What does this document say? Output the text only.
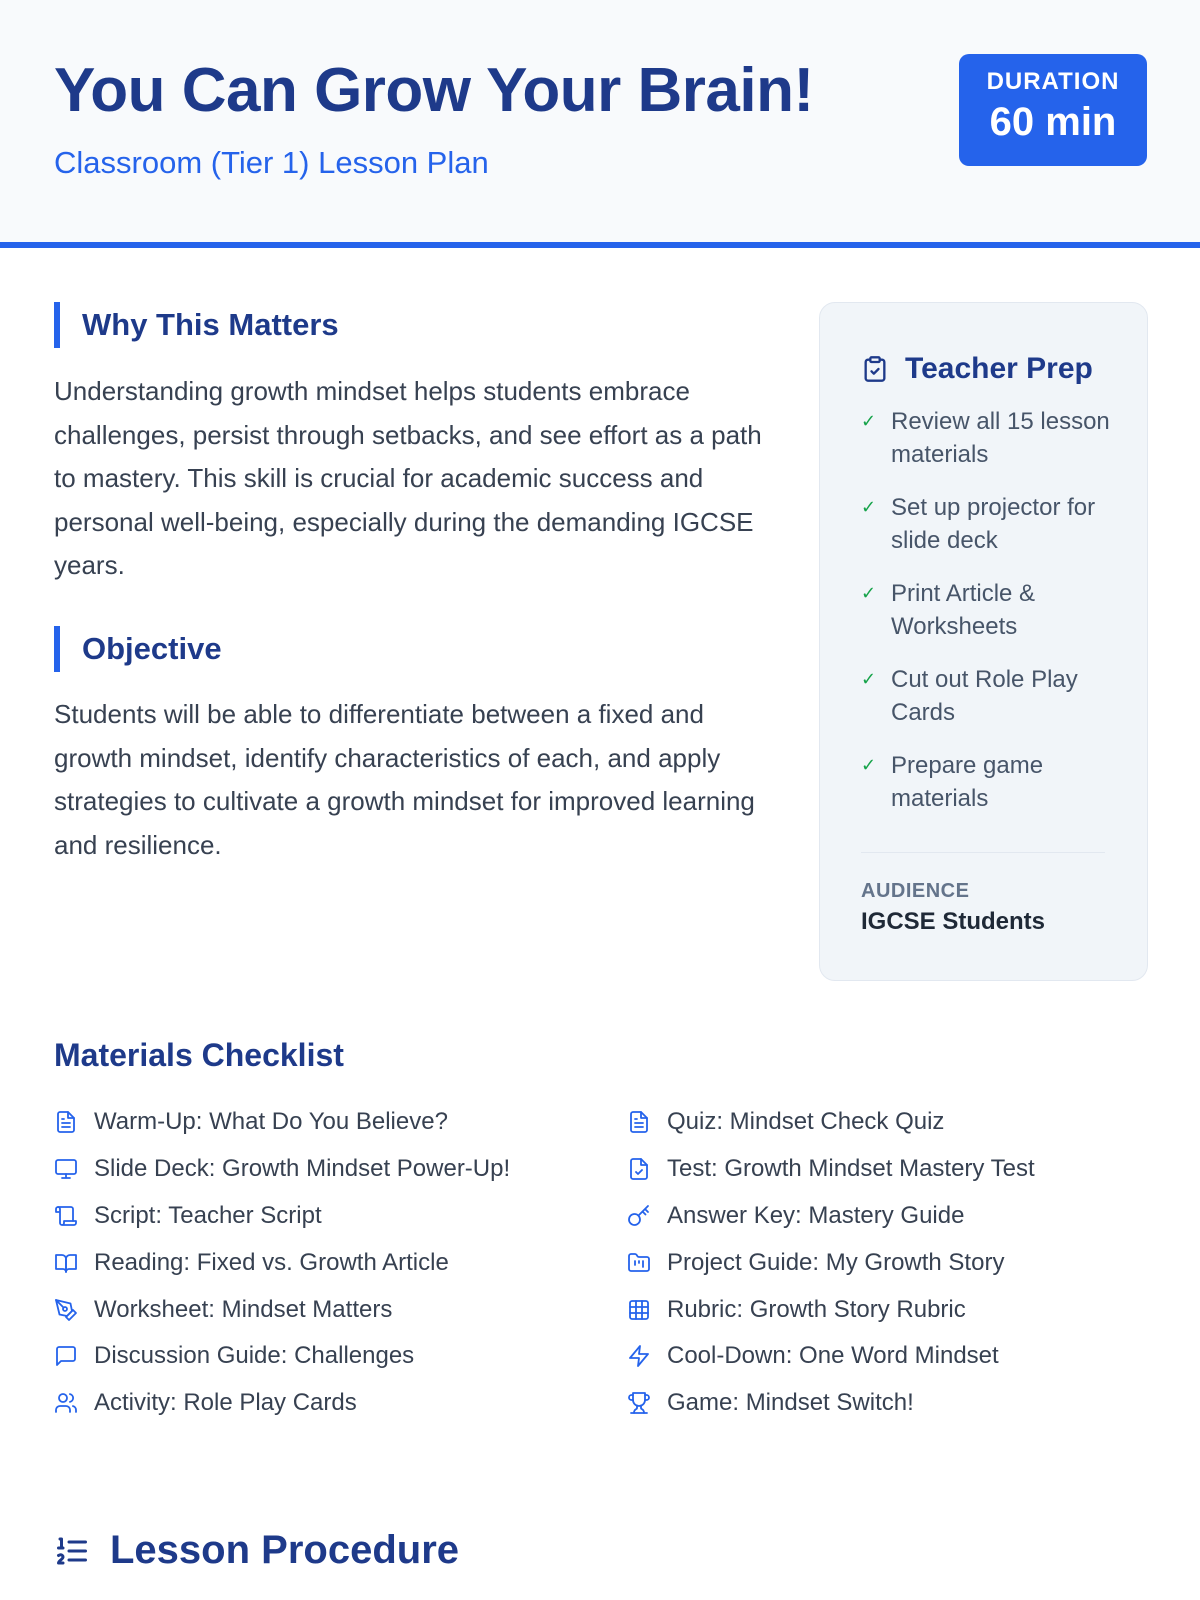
You Can Grow Your Brain!
Classroom (Tier 1) Lesson Plan
DURATION
60 min
Why This Matters

Understanding growth mindset helps students embrace challenges, persist through setbacks, and see effort as a path to mastery. This skill is crucial for academic success and personal well-being, especially during the demanding IGCSE years.

Objective

Students will be able to differentiate between a fixed and growth mindset, identify characteristics of each, and apply strategies to cultivate a growth mindset for improved learning and resilience.

Teacher Prep
✓ Review all 15 lesson materials
✓ Set up projector for slide deck
✓ Print Article & Worksheets
✓ Cut out Role Play Cards
✓ Prepare game materials
AUDIENCE
IGCSE Students
Materials Checklist
Warm-Up: What Do You Believe?
Slide Deck: Growth Mindset Power-Up!
Script: Teacher Script
Reading: Fixed vs. Growth Article
Worksheet: Mindset Matters
Discussion Guide: Challenges
Activity: Role Play Cards
Quiz: Mindset Check Quiz
Test: Growth Mindset Mastery Test
Answer Key: Mastery Guide
Project Guide: My Growth Story
Rubric: Growth Story Rubric
Cool-Down: One Word Mindset
Game: Mindset Switch!
Lesson Procedure
